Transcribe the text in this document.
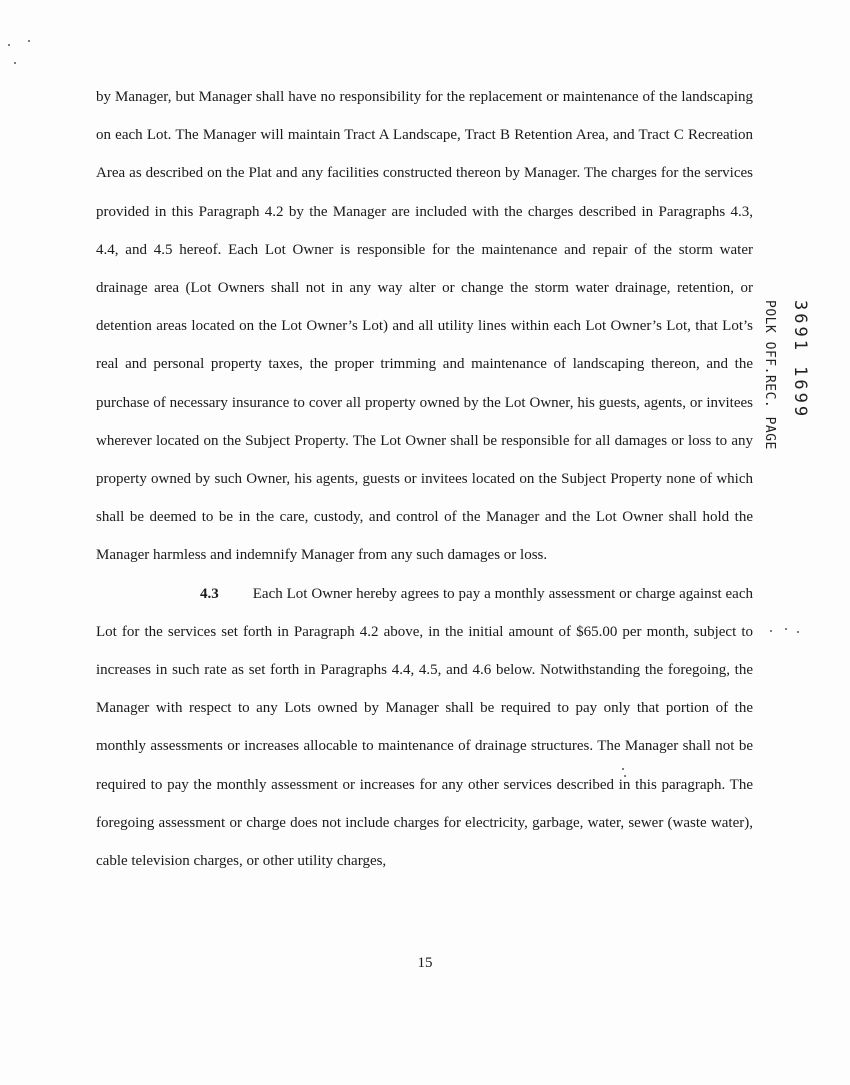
by Manager, but Manager shall have no responsibility for the replacement or maintenance of the landscaping on each Lot. The Manager will maintain Tract A Landscape, Tract B Retention Area, and Tract C Recreation Area as described on the Plat and any facilities constructed thereon by Manager. The charges for the services provided in this Paragraph 4.2 by the Manager are included with the charges described in Paragraphs 4.3, 4.4, and 4.5 hereof. Each Lot Owner is responsible for the maintenance and repair of the storm water drainage area (Lot Owners shall not in any way alter or change the storm water drainage, retention, or detention areas located on the Lot Owner’s Lot) and all utility lines within each Lot Owner’s Lot, that Lot’s real and personal property taxes, the proper trimming and maintenance of landscaping thereon, and the purchase of necessary insurance to cover all property owned by the Lot Owner, his guests, agents, or invitees wherever located on the Subject Property. The Lot Owner shall be responsible for all damages or loss to any property owned by such Owner, his agents, guests or invitees located on the Subject Property none of which shall be deemed to be in the care, custody, and control of the Manager and the Lot Owner shall hold the Manager harmless and indemnify Manager from any such damages or loss.

4.3 Each Lot Owner hereby agrees to pay a monthly assessment or charge against each Lot for the services set forth in Paragraph 4.2 above, in the initial amount of $65.00 per month, subject to increases in such rate as set forth in Paragraphs 4.4, 4.5, and 4.6 below. Notwithstanding the foregoing, the Manager with respect to any Lots owned by Manager shall be required to pay only that portion of the monthly assessments or increases allocable to maintenance of drainage structures. The Manager shall not be required to pay the monthly assessment or increases for any other services described in this paragraph. The foregoing assessment or charge does not include charges for electricity, garbage, water, sewer (waste water), cable television charges, or other utility charges,

15
3691 1699
POLK OFF.REC. PAGE
